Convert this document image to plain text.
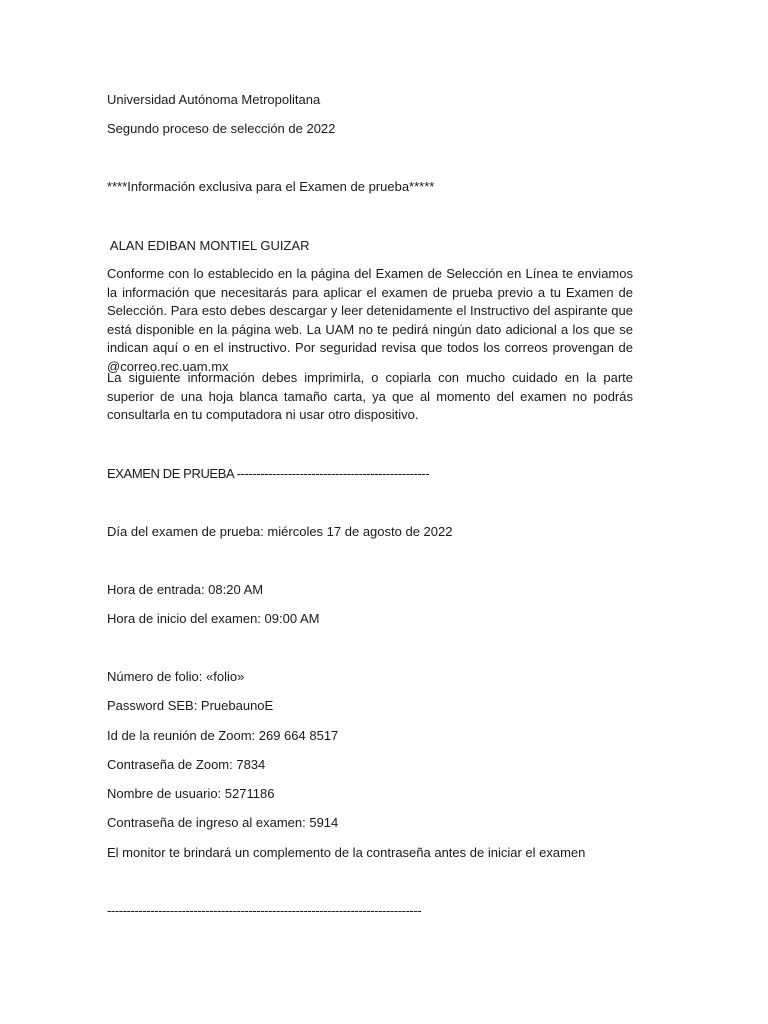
Universidad Autónoma Metropolitana
Segundo proceso de selección de 2022
****Información exclusiva para el Examen de prueba*****
ALAN EDIBAN MONTIEL GUIZAR
Conforme con lo establecido en la página del Examen de Selección en Línea te enviamos la información que necesitarás para aplicar el examen de prueba previo a tu Examen de Selección. Para esto debes descargar y leer detenidamente el Instructivo del aspirante que está disponible en la página web. La UAM no te pedirá ningún dato adicional a los que se indican aquí o en el instructivo. Por seguridad revisa que todos los correos provengan de @correo.rec.uam.mx
La siguiente información debes imprimirla, o copiarla con mucho cuidado en la parte superior de una hoja blanca tamaño carta, ya que al momento del examen no podrás consultarla en tu computadora ni usar otro dispositivo.
EXAMEN DE PRUEBA -------------------------------------------------
Día del examen de prueba: miércoles 17 de agosto de 2022
Hora de entrada: 08:20 AM
Hora de inicio del examen: 09:00 AM
Número de folio: «folio»
Password SEB: PruebaunoE
Id de la reunión de Zoom: 269 664 8517
Contraseña de Zoom: 7834
Nombre de usuario: 5271186
Contraseña de ingreso al examen: 5914
El monitor te brindará un complemento de la contraseña antes de iniciar el examen
--------------------------------------------------------------------------------
